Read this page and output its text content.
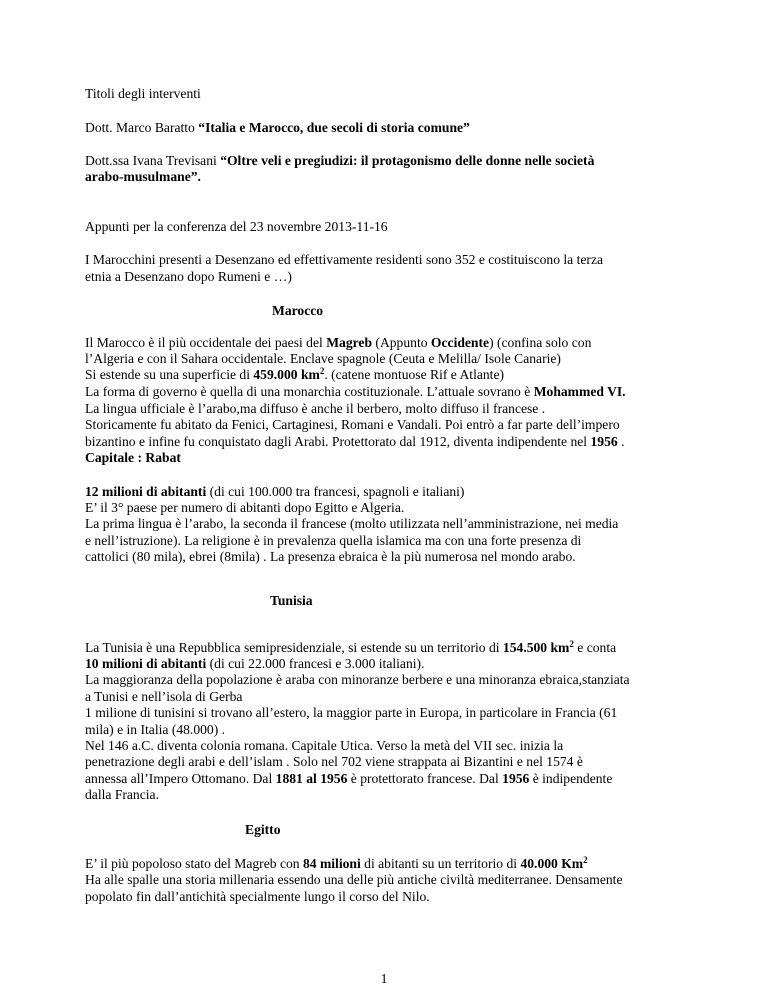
Titoli degli interventi

Dott. Marco Baratto “Italia e Marocco, due secoli di storia comune”

Dott.ssa Ivana Trevisani “Oltre veli e pregiudizi: il protagonismo delle donne nelle società

arabo-musulmane”.

Appunti per la conferenza del 23 novembre 2013-11-16

I Marocchini presenti a Desenzano ed effettivamente residenti sono 352 e costituiscono la terza

etnia a Desenzano dopo Rumeni e …)

Marocco

Il Marocco è il più occidentale dei paesi del Magreb (Appunto Occidente) (confina solo con

l’Algeria e con il Sahara occidentale. Enclave spagnole (Ceuta e Melilla/ Isole Canarie)

Si estende su una superficie di 459.000 $km^2$. (catene montuose Rif e Atlante)

La forma di governo è quella di una monarchia costituzionale. L’attuale sovrano è Mohammed VI.

La lingua ufficiale è l’arabo,ma diffuso è anche il berbero, molto diffuso il francese .

Storicamente fu abitato da Fenici, Cartaginesi, Romani e Vandali. Poi entrò a far parte dell’impero

bizantino e infine fu conquistato dagli Arabi. Protettorato dal 1912, diventa indipendente nel 1956 .

Capitale : Rabat

12 milioni di abitanti (di cui 100.000 tra francesi, spagnoli e italiani)

E’ il 3° paese per numero di abitanti dopo Egitto e Algeria.

La prima lingua è l’arabo, la seconda il francese (molto utilizzata nell’amministrazione, nei media

e nell’istruzione). La religione è in prevalenza quella islamica ma con una forte presenza di

cattolici (80 mila), ebrei (8mila) . La presenza ebraica è la più numerosa nel mondo arabo.

Tunisia

La Tunisia è una Repubblica semipresidenziale, si estende su un territorio di 154.500 $km^2$ e conta

10 milioni di abitanti (di cui 22.000 francesi e 3.000 italiani).

La maggioranza della popolazione è araba con minoranze berbere e una minoranza ebraica,stanziata

a Tunisi e nell’isola di Gerba

1 milione di tunisini si trovano all’estero, la maggior parte in Europa, in particolare in Francia (61

mila) e in Italia (48.000) .

Nel 146 a.C. diventa colonia romana. Capitale Utica. Verso la metà del VII sec. inizia la

penetrazione degli arabi e dell’islam . Solo nel 702 viene strappata ai Bizantini e nel 1574 è

annessa all’Impero Ottomano. Dal 1881 al 1956 è protettorato francese. Dal 1956 è indipendente

dalla Francia.

Egitto

E’ il più popoloso stato del Magreb con 84 milioni di abitanti su un territorio di 40.000 Km$^2$

Ha alle spalle una storia millenaria essendo una delle più antiche civiltà mediterranee. Densamente

popolato fin dall’antichità specialmente lungo il corso del Nilo.

1
